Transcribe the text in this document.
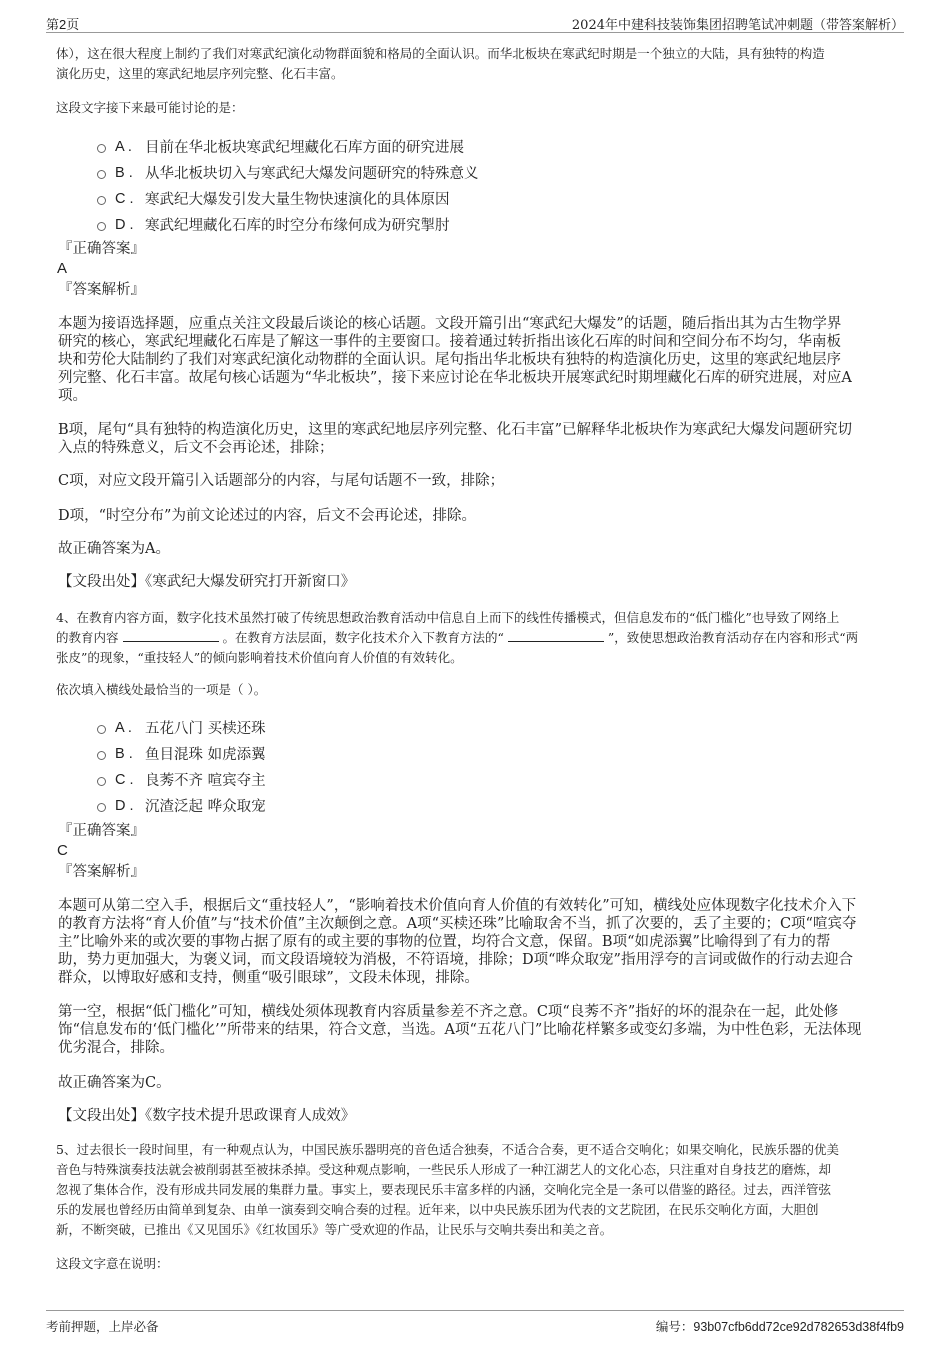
第2页	2024年中建科技装饰集团招聘笔试冲刺题（带答案解析）
体），这在很大程度上制约了我们对寒武纪演化动物群面貌和格局的全面认识。而华北板块在寒武纪时期是一个独立的大陆，具有独特的构造
演化历史，这里的寒武纪地层序列完整、化石丰富。
这段文字接下来最可能讨论的是：
A . 目前在华北板块寒武纪埋藏化石库方面的研究进展
B . 从华北板块切入与寒武纪大爆发问题研究的特殊意义
C . 寒武纪大爆发引发大量生物快速演化的具体原因
D . 寒武纪埋藏化石库的时空分布缘何成为研究掣肘
『正确答案』
A
『答案解析』
本题为接语选择题，应重点关注文段最后谈论的核心话题。文段开篇引出“寒武纪大爆发”的话题，随后指出其为古生物学界
研究的核心，寒武纪埋藏化石库是了解这一事件的主要窗口。接着通过转折指出该化石库的时间和空间分布不均匀，华南板
块和劳伦大陆制约了我们对寒武纪演化动物群的全面认识。尾句指出华北板块有独特的构造演化历史，这里的寒武纪地层序
列完整、化石丰富。故尾句核心话题为“华北板块”，接下来应讨论在华北板块开展寒武纪时期埋藏化石库的研究进展，对应A
项。
B项，尾句“具有独特的构造演化历史，这里的寒武纪地层序列完整、化石丰富”已解释华北板块作为寒武纪大爆发问题研究切
入点的特殊意义，后文不会再论述，排除；
C项，对应文段开篇引入话题部分的内容，与尾句话题不一致，排除；
D项，“时空分布”为前文论述过的内容，后文不会再论述，排除。
故正确答案为A。
【文段出处】《寒武纪大爆发研究打开新窗口》
4、在教育内容方面，数字化技术虽然打破了传统思想政治教育活动中信息自上而下的线性传播模式，但信息发布的“低门槛化”也导致了网络上
的教育内容	。在教育方法层面，数字化技术介入下教育方法的“	”，致使思想政治教育活动存在内容和形式“两
张皮”的现象，“重技轻人”的倾向影响着技术价值向育人价值的有效转化。
依次填入横线处最恰当的一项是（ ）。
A . 五花八门 买椟还珠
B . 鱼目混珠 如虎添翼
C . 良莠不齐 喧宾夺主
D . 沉渣泛起 哗众取宠
『正确答案』
C
『答案解析』
本题可从第二空入手，根据后文“重技轻人”，“影响着技术价值向育人价值的有效转化”可知，横线处应体现数字化技术介入下
的教育方法将“育人价值”与“技术价值”主次颠倒之意。A项“买椟还珠”比喻取舍不当，抓了次要的，丢了主要的；C项“喧宾夺
主”比喻外来的或次要的事物占据了原有的或主要的事物的位置，均符合文意，保留。B项“如虎添翼”比喻得到了有力的帮
助，势力更加强大，为褒义词，而文段语境较为消极，不符语境，排除；D项“哗众取宠”指用浮夸的言词或做作的行动去迎合
群众，以博取好感和支持，侧重“吸引眼球”，文段未体现，排除。
第一空，根据“低门槛化”可知，横线处须体现教育内容质量参差不齐之意。C项“良莠不齐”指好的坏的混杂在一起，此处修
饰“信息发布的‘低门槛化’”所带来的结果，符合文意，当选。A项“五花八门”比喻花样繁多或变幻多端，为中性色彩，无法体现
优劣混合，排除。
故正确答案为C。
【文段出处】《数字技术提升思政课育人成效》
5、过去很长一段时间里，有一种观点认为，中国民族乐器明亮的音色适合独奏，不适合合奏，更不适合交响化；如果交响化，民族乐器的优美
音色与特殊演奏技法就会被削弱甚至被抹杀掉。受这种观点影响，一些民乐人形成了一种江湖艺人的文化心态，只注重对自身技艺的磨炼，却
忽视了集体合作，没有形成共同发展的集群力量。事实上，要表现民乐丰富多样的内涵，交响化完全是一条可以借鉴的路径。过去，西洋管弦
乐的发展也曾经历由简单到复杂、由单一演奏到交响合奏的过程。近年来，以中央民族乐团为代表的文艺院团，在民乐交响化方面，大胆创
新，不断突破，已推出《又见国乐》《红妆国乐》等广受欢迎的作品，让民乐与交响共奏出和美之音。
这段文字意在说明：
考前押题，上岸必备	编号：93b07cfb6dd72ce92d782653d38f4fb9
